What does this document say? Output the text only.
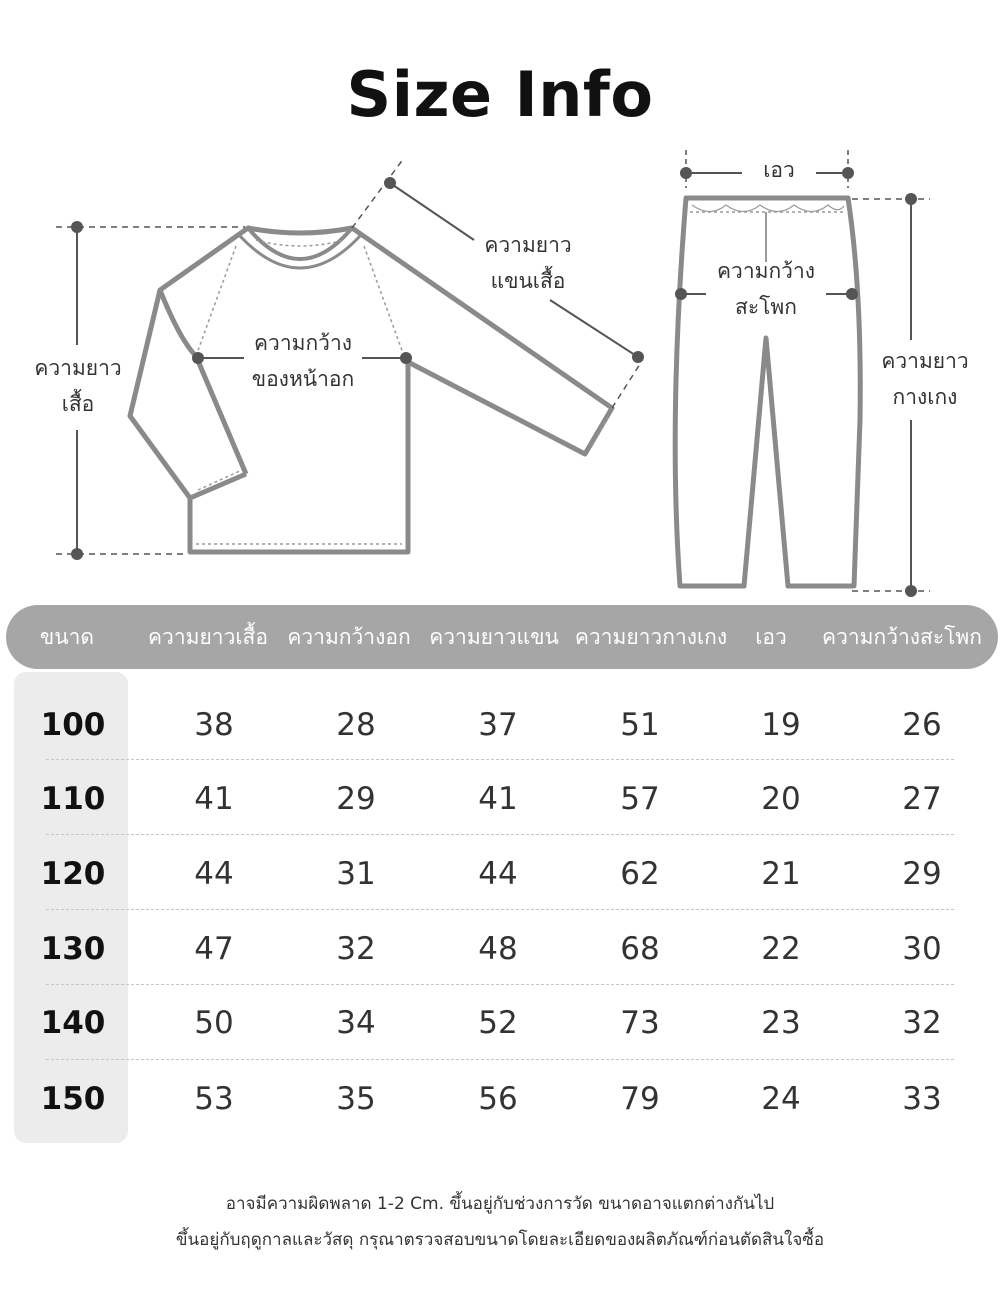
Size Info
ความยาว
เสื้อ
ความกว้าง
ของหน้าอก
ความยาว
แขนเสื้อ
เอว
ความกว้าง
สะโพก
ความยาว
กางเกง
ขนาด	ความยาวเสื้อ ความกว้างอก ความยาวแขน ความยาวกางเกง เอว ความกว้างสะโพก
100	38	28	37	51	19	26
110	41	29	41	57	20	27
120	44	31	44	62	21	29
130	47	32	48	68	22	30
140	50	34	52	73	23	32
150	53	35	56	79	24	33
อาจมีความผิดพลาด 1-2 Cm. ขึ้นอยู่กับช่วงการวัด ขนาดอาจแตกต่างกันไป
ขึ้นอยู่กับฤดูกาลและวัสดุ กรุณาตรวจสอบขนาดโดยละเอียดของผลิตภัณฑ์ก่อนตัดสินใจซื้อ
